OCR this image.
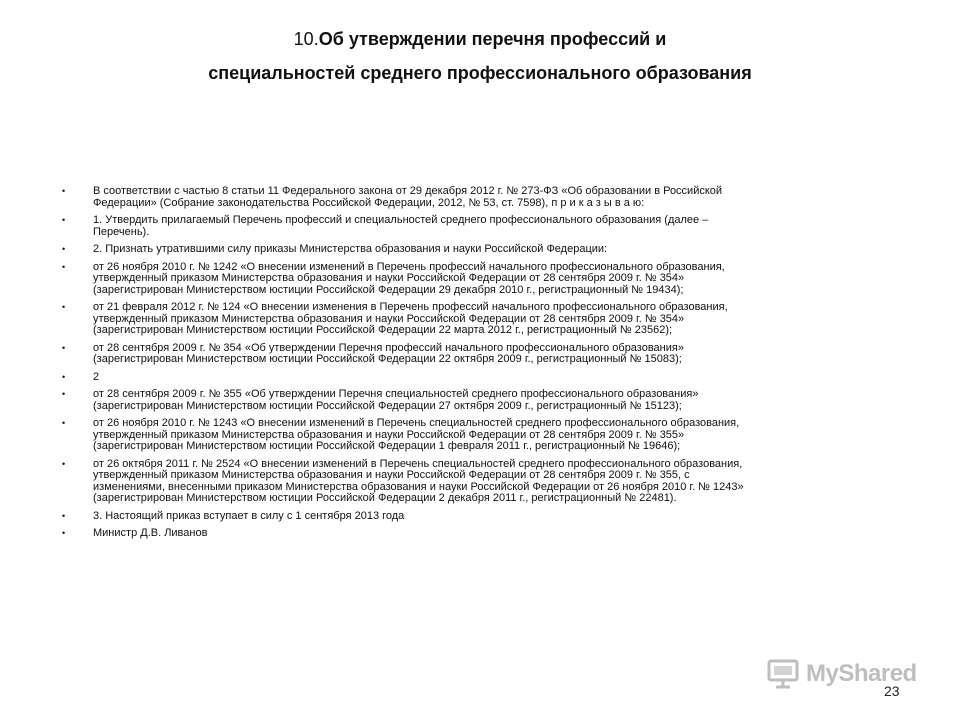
10.Об утверждении перечня профессий и
специальностей среднего профессионального образования
•	В соответствии с частью 8 статьи 11 Федерального закона от 29 декабря 2012 г. № 273-ФЗ «Об образовании в Российской
Федерации» (Собрание законодательства Российской Федерации, 2012, № 53, ст. 7598), п р и к а з ы в а ю:
•	1. Утвердить прилагаемый Перечень профессий и специальностей среднего профессионального образования (далее –
Перечень).
•	2. Признать утратившими силу приказы Министерства образования и науки Российской Федерации:
•	от 26 ноября 2010 г. № 1242 «О внесении изменений в Перечень профессий начального профессионального образования,
утвержденный приказом Министерства образования и науки Российской Федерации от 28 сентября 2009 г. № 354»
(зарегистрирован Министерством юстиции Российской Федерации 29 декабря 2010 г., регистрационный № 19434);
•	от 21 февраля 2012 г. № 124 «О внесении изменения в Перечень профессий начального профессионального образования,
утвержденный приказом Министерства образования и науки Российской Федерации от 28 сентября 2009 г. № 354»
(зарегистрирован Министерством юстиции Российской Федерации 22 марта 2012 г., регистрационный № 23562);
•	от 28 сентября 2009 г. № 354 «Об утверждении Перечня профессий начального профессионального образования»
(зарегистрирован Министерством юстиции Российской Федерации 22 октября 2009 г., регистрационный № 15083);
•	2
•	от 28 сентября 2009 г. № 355 «Об утверждении Перечня специальностей среднего профессионального образования»
(зарегистрирован Министерством юстиции Российской Федерации 27 октября 2009 г., регистрационный № 15123);
•	от 26 ноября 2010 г. № 1243 «О внесении изменений в Перечень специальностей среднего профессионального образования,
утвержденный приказом Министерства образования и науки Российской Федерации от 28 сентября 2009 г. № 355»
(зарегистрирован Министерством юстиции Российской Федерации 1 февраля 2011 г., регистрационный № 19646);
•	от 26 октября 2011 г. № 2524 «О внесении изменений в Перечень специальностей среднего профессионального образования,
утвержденный приказом Министерства образования и науки Российской Федерации от 28 сентября 2009 г. № 355, с
изменениями, внесенными приказом Министерства образования и науки Российской Федерации от 26 ноября 2010 г. № 1243»
(зарегистрирован Министерством юстиции Российской Федерации 2 декабря 2011 г., регистрационный № 22481).
•	3. Настоящий приказ вступает в силу с 1 сентября 2013 года
•	Министр Д.В. Ливанов
MyShared
23
